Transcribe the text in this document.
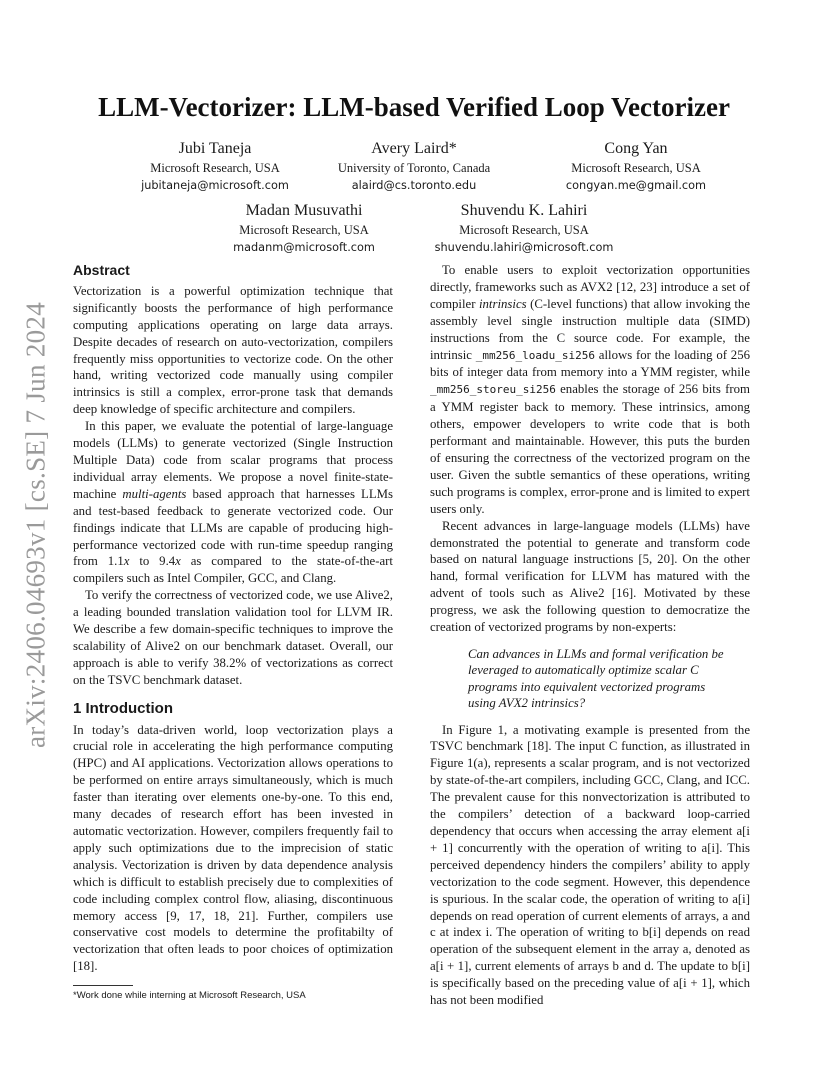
arXiv:2406.04693v1 [cs.SE] 7 Jun 2024
LLM-Vectorizer: LLM-based Verified Loop Vectorizer
Jubi Taneja
Microsoft Research, USA
jubitaneja@microsoft.com
Avery Laird*
University of Toronto, Canada
alaird@cs.toronto.edu
Cong Yan
Microsoft Research, USA
congyan.me@gmail.com
Madan Musuvathi
Microsoft Research, USA
madanm@microsoft.com
Shuvendu K. Lahiri
Microsoft Research, USA
shuvendu.lahiri@microsoft.com
Abstract

Vectorization is a powerful optimization technique that significantly boosts the performance of high performance computing applications operating on large data arrays. Despite decades of research on auto-vectorization, compilers frequently miss opportunities to vectorize code. On the other hand, writing vectorized code manually using compiler intrinsics is still a complex, error-prone task that demands deep knowledge of specific architecture and compilers.

In this paper, we evaluate the potential of large-language models (LLMs) to generate vectorized (Single Instruction Multiple Data) code from scalar programs that process individual array elements. We propose a novel finite-state-machine multi-agents based approach that harnesses LLMs and test-based feedback to generate vectorized code. Our findings indicate that LLMs are capable of producing high-performance vectorized code with run-time speedup ranging from 1.1x to 9.4x as compared to the state-of-the-art compilers such as Intel Compiler, GCC, and Clang.

To verify the correctness of vectorized code, we use Alive2, a leading bounded translation validation tool for LLVM IR. We describe a few domain-specific techniques to improve the scalability of Alive2 on our benchmark dataset. Overall, our approach is able to verify 38.2% of vectorizations as correct on the TSVC benchmark dataset.

1 Introduction

In today’s data-driven world, loop vectorization plays a crucial role in accelerating the high performance computing (HPC) and AI applications. Vectorization allows operations to be performed on entire arrays simultaneously, which is much faster than iterating over elements one-by-one. To this end, many decades of research effort has been invested in automatic vectorization. However, compilers frequently fail to apply such optimizations due to the imprecision of static analysis. Vectorization is driven by data dependence analysis which is difficult to establish precisely due to complexities of code including complex control flow, aliasing, discontinuous memory access [9, 17, 18, 21]. Further, compilers use conservative cost models to determine the profitabilty of vectorization that often leads to poor choices of optimization [18].

*Work done while interning at Microsoft Research, USA

To enable users to exploit vectorization opportunities directly, frameworks such as AVX2 [12, 23] introduce a set of compiler intrinsics (C-level functions) that allow invoking the assembly level single instruction multiple data (SIMD) instructions from the C source code. For example, the intrinsic _mm256_loadu_si256 allows for the loading of 256 bits of integer data from memory into a YMM register, while _mm256_storeu_si256 enables the storage of 256 bits from a YMM register back to memory. These intrinsics, among others, empower developers to write code that is both performant and maintainable. However, this puts the burden of ensuring the correctness of the vectorized program on the user. Given the subtle semantics of these operations, writing such programs is complex, error-prone and is limited to expert users only.

Recent advances in large-language models (LLMs) have demonstrated the potential to generate and transform code based on natural language instructions [5, 20]. On the other hand, formal verification for LLVM has matured with the advent of tools such as Alive2 [16]. Motivated by these progress, we ask the following question to democratize the creation of vectorized programs by non-experts:

Can advances in LLMs and formal verification be leveraged to automatically optimize scalar C programs into equivalent vectorized programs using AVX2 intrinsics?

In Figure 1, a motivating example is presented from the TSVC benchmark [18]. The input C function, as illustrated in Figure 1(a), represents a scalar program, and is not vectorized by state-of-the-art compilers, including GCC, Clang, and ICC. The prevalent cause for this nonvectorization is attributed to the compilers’ detection of a backward loop-carried dependency that occurs when accessing the array element a[i + 1] concurrently with the operation of writing to a[i]. This perceived dependency hinders the compilers’ ability to apply vectorization to the code segment. However, this dependence is spurious. In the scalar code, the operation of writing to a[i] depends on read operation of current elements of arrays, a and c at index i. The operation of writing to b[i] depends on read operation of the subsequent element in the array a, denoted as a[i + 1], current elements of arrays b and d. The update to b[i] is specifically based on the preceding value of a[i + 1], which has not been modified
